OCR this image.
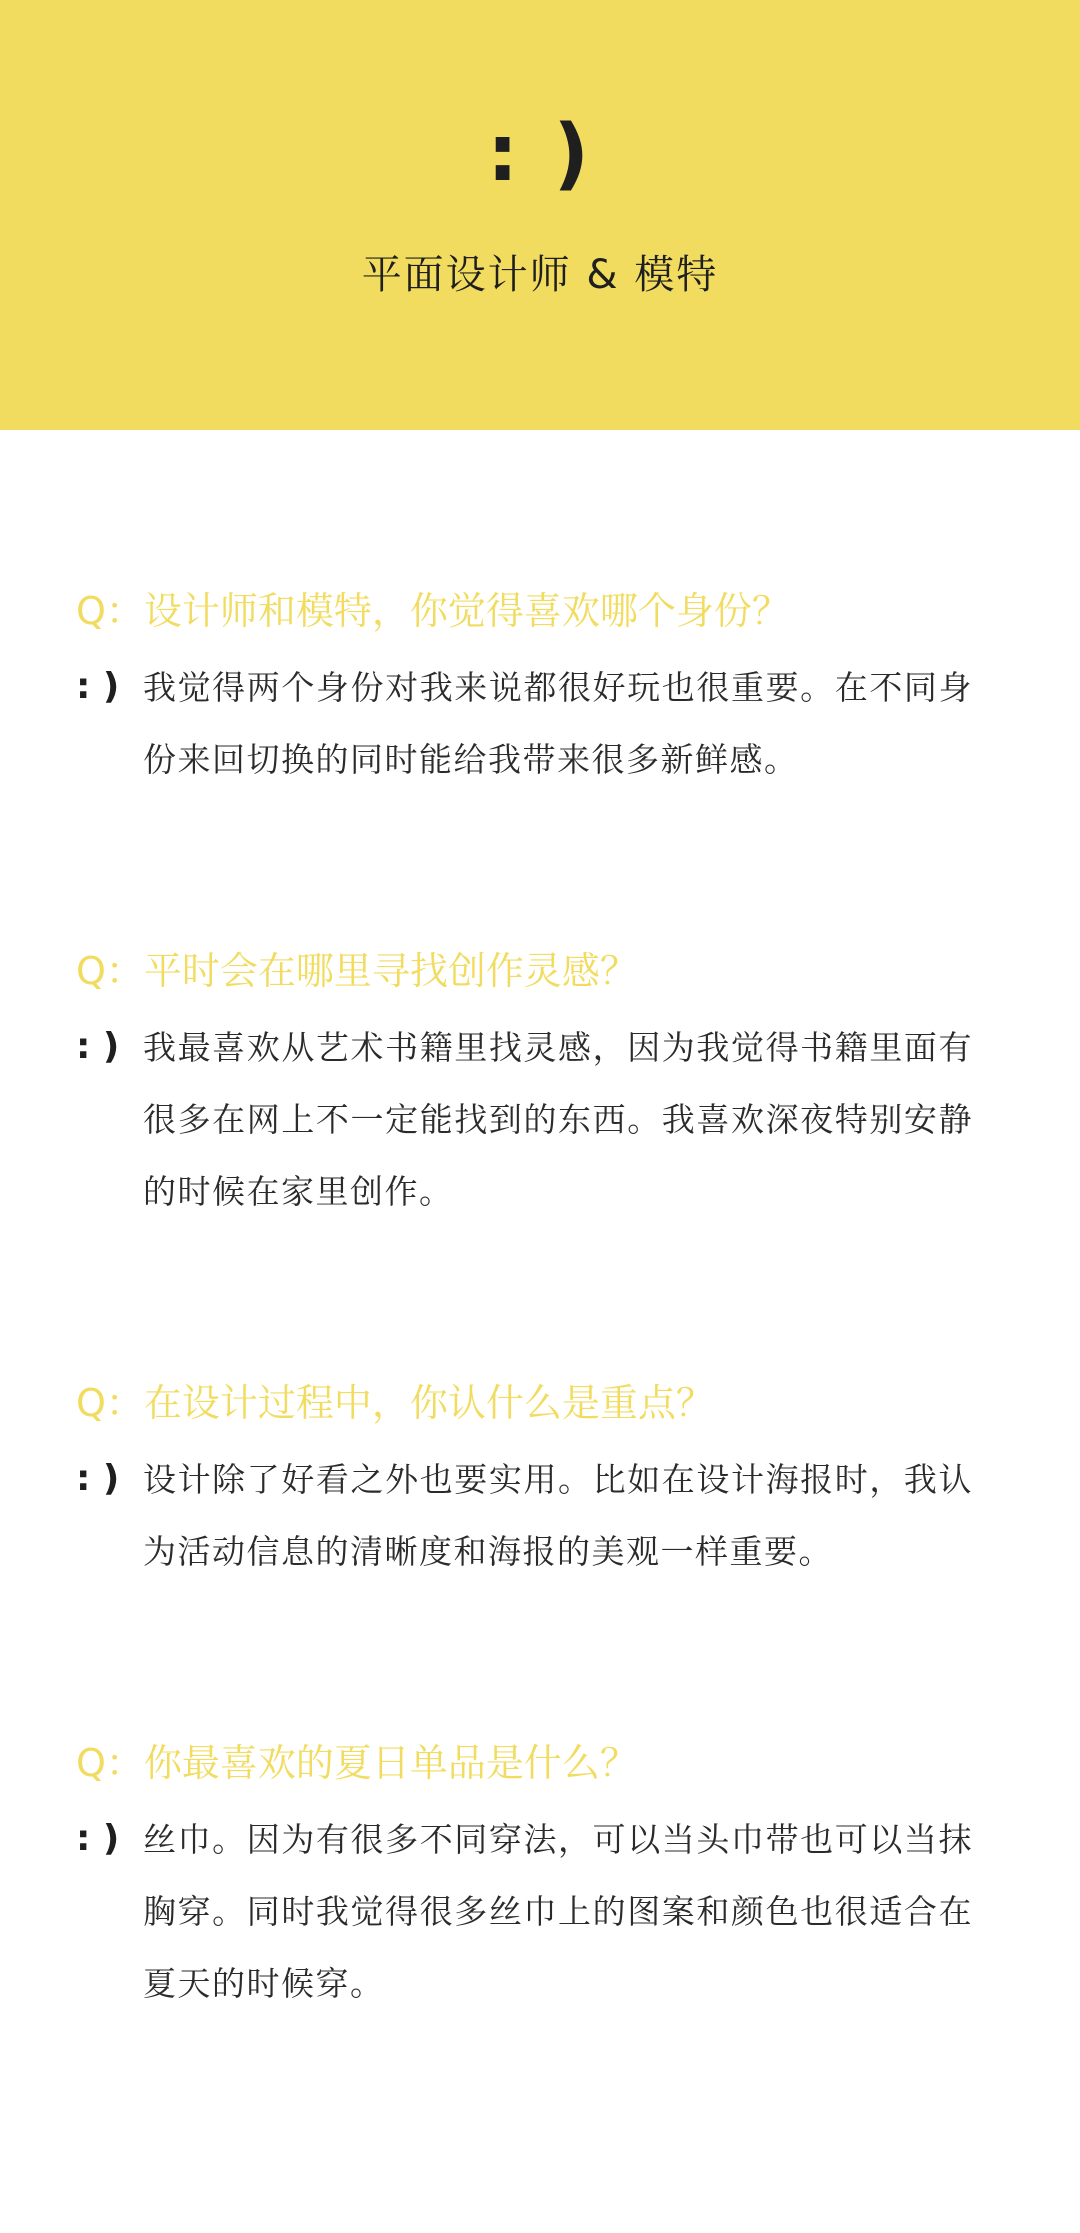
: )
平面设计师 & 模特
Q：设计师和模特，你觉得喜欢哪个身份？
: ) 我觉得两个身份对我来说都很好玩也很重要。在不同身份来回切换的同时能给我带来很多新鲜感。
Q：平时会在哪里寻找创作灵感？
: ) 我最喜欢从艺术书籍里找灵感，因为我觉得书籍里面有很多在网上不一定能找到的东西。我喜欢深夜特别安静的时候在家里创作。
Q：在设计过程中，你认什么是重点？
: ) 设计除了好看之外也要实用。比如在设计海报时，我认为活动信息的清晰度和海报的美观一样重要。
Q：你最喜欢的夏日单品是什么？
: ) 丝巾。因为有很多不同穿法，可以当头巾带也可以当抹胸穿。同时我觉得很多丝巾上的图案和颜色也很适合在夏天的时候穿。
